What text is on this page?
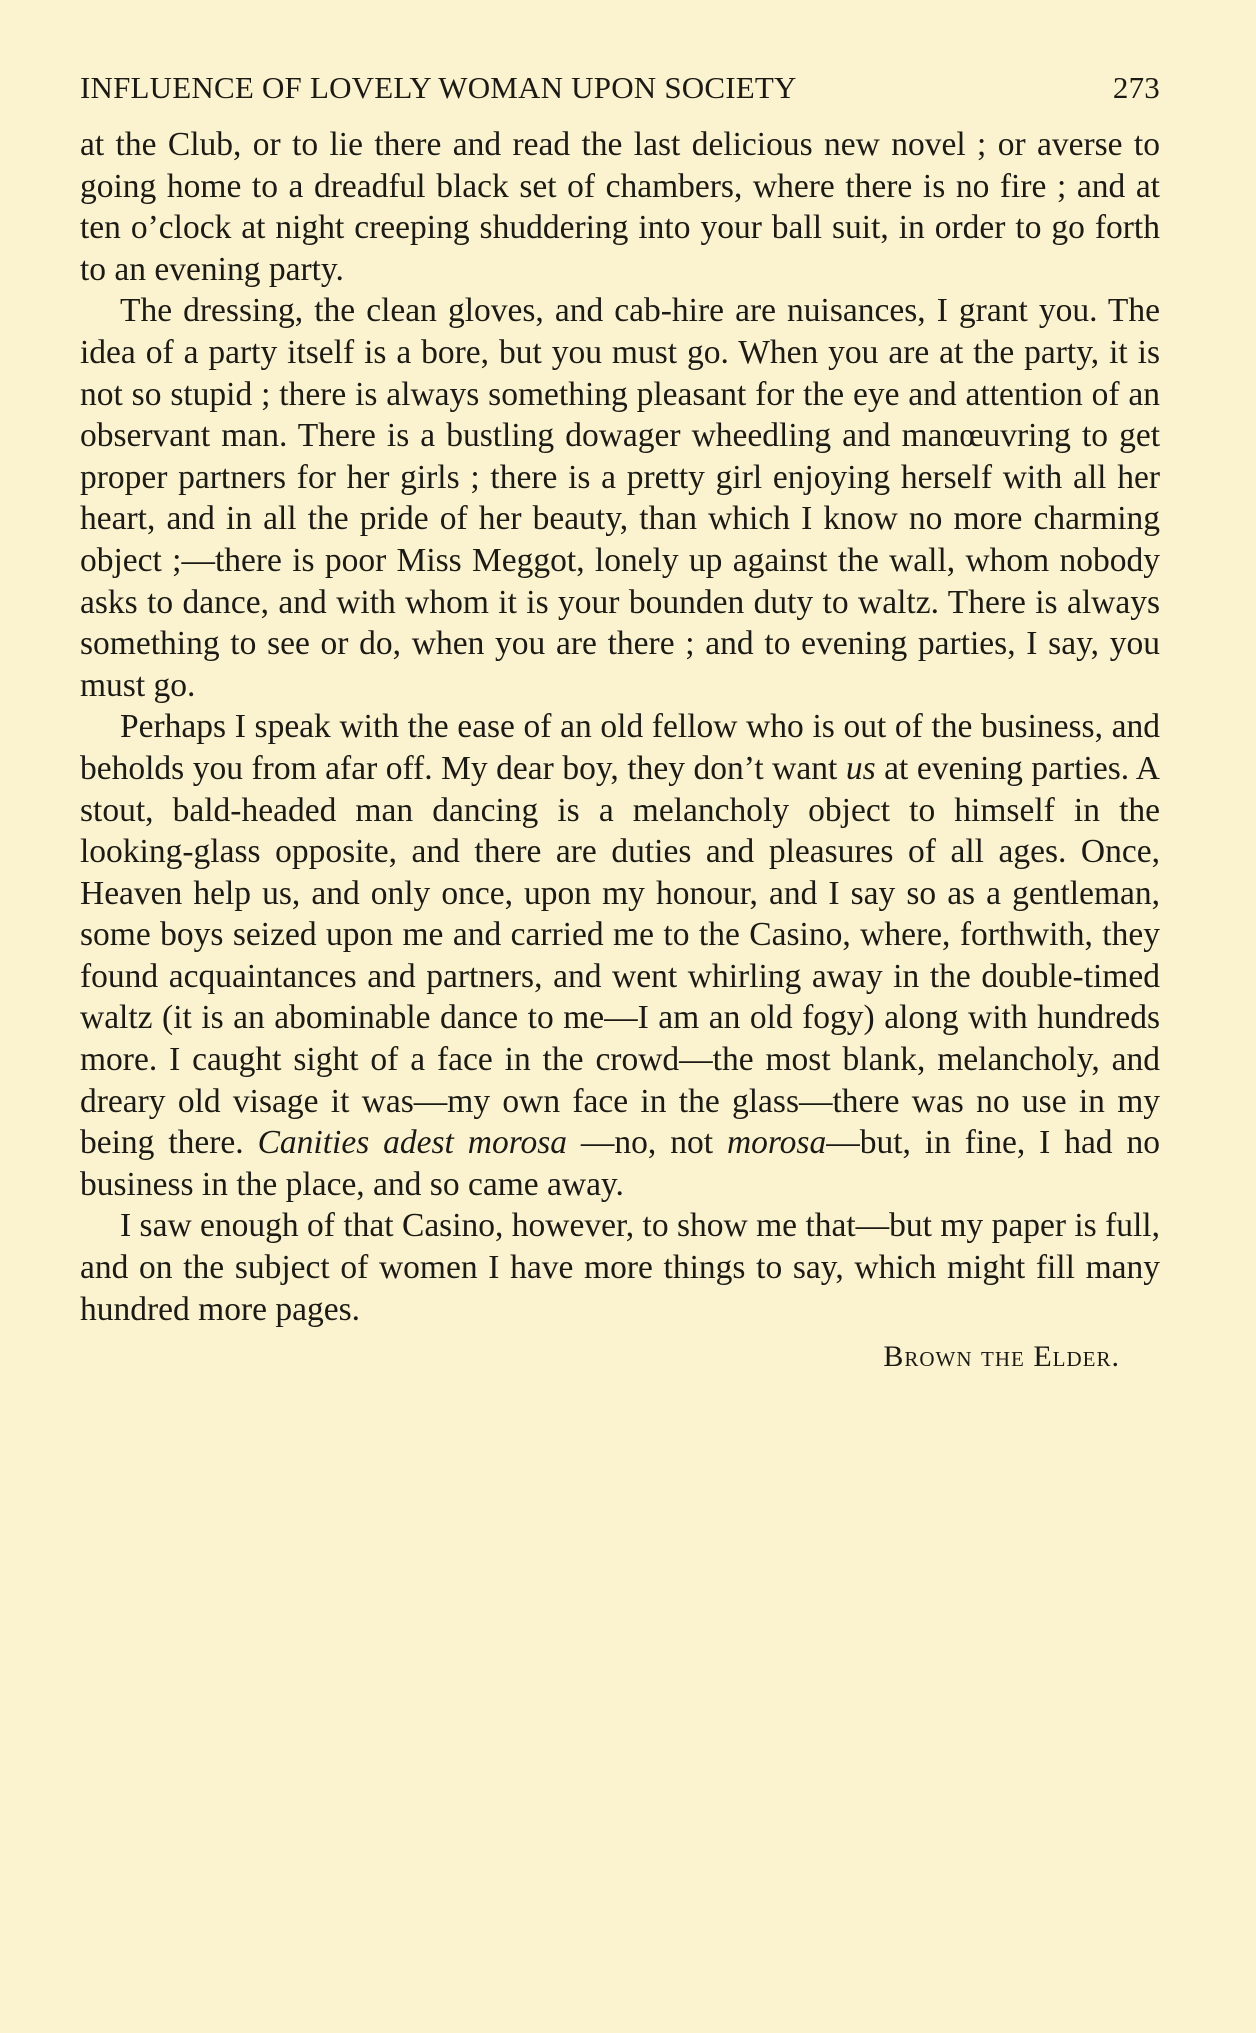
INFLUENCE OF LOVELY WOMAN UPON SOCIETY	273

at the Club, or to lie there and read the last delicious new novel ; or averse to going home to a dreadful black set of chambers, where there is no fire ; and at ten o’clock at night creeping shuddering into your ball suit, in order to go forth to an evening party.

The dressing, the clean gloves, and cab-hire are nuisances, I grant you. The idea of a party itself is a bore, but you must go. When you are at the party, it is not so stupid ; there is always something pleasant for the eye and attention of an observant man. There is a bustling dowager wheedling and manœuvring to get proper partners for her girls ; there is a pretty girl enjoying herself with all her heart, and in all the pride of her beauty, than which I know no more charming object ;—there is poor Miss Meggot, lonely up against the wall, whom nobody asks to dance, and with whom it is your bounden duty to waltz. There is always something to see or do, when you are there ; and to evening parties, I say, you must go.

Perhaps I speak with the ease of an old fellow who is out of the business, and beholds you from afar off. My dear boy, they don’t want us at evening parties. A stout, bald-headed man dancing is a melancholy object to himself in the looking-glass opposite, and there are duties and pleasures of all ages. Once, Heaven help us, and only once, upon my honour, and I say so as a gentleman, some boys seized upon me and carried me to the Casino, where, forthwith, they found acquaintances and partners, and went whirling away in the double-timed waltz (it is an abominable dance to me—I am an old fogy) along with hundreds more. I caught sight of a face in the crowd—the most blank, melancholy, and dreary old visage it was—my own face in the glass—there was no use in my being there. Canities adest morosa —no, not morosa—but, in fine, I had no business in the place, and so came away.

I saw enough of that Casino, however, to show me that—but my paper is full, and on the subject of women I have more things to say, which might fill many hundred more pages.

Brown the Elder.
